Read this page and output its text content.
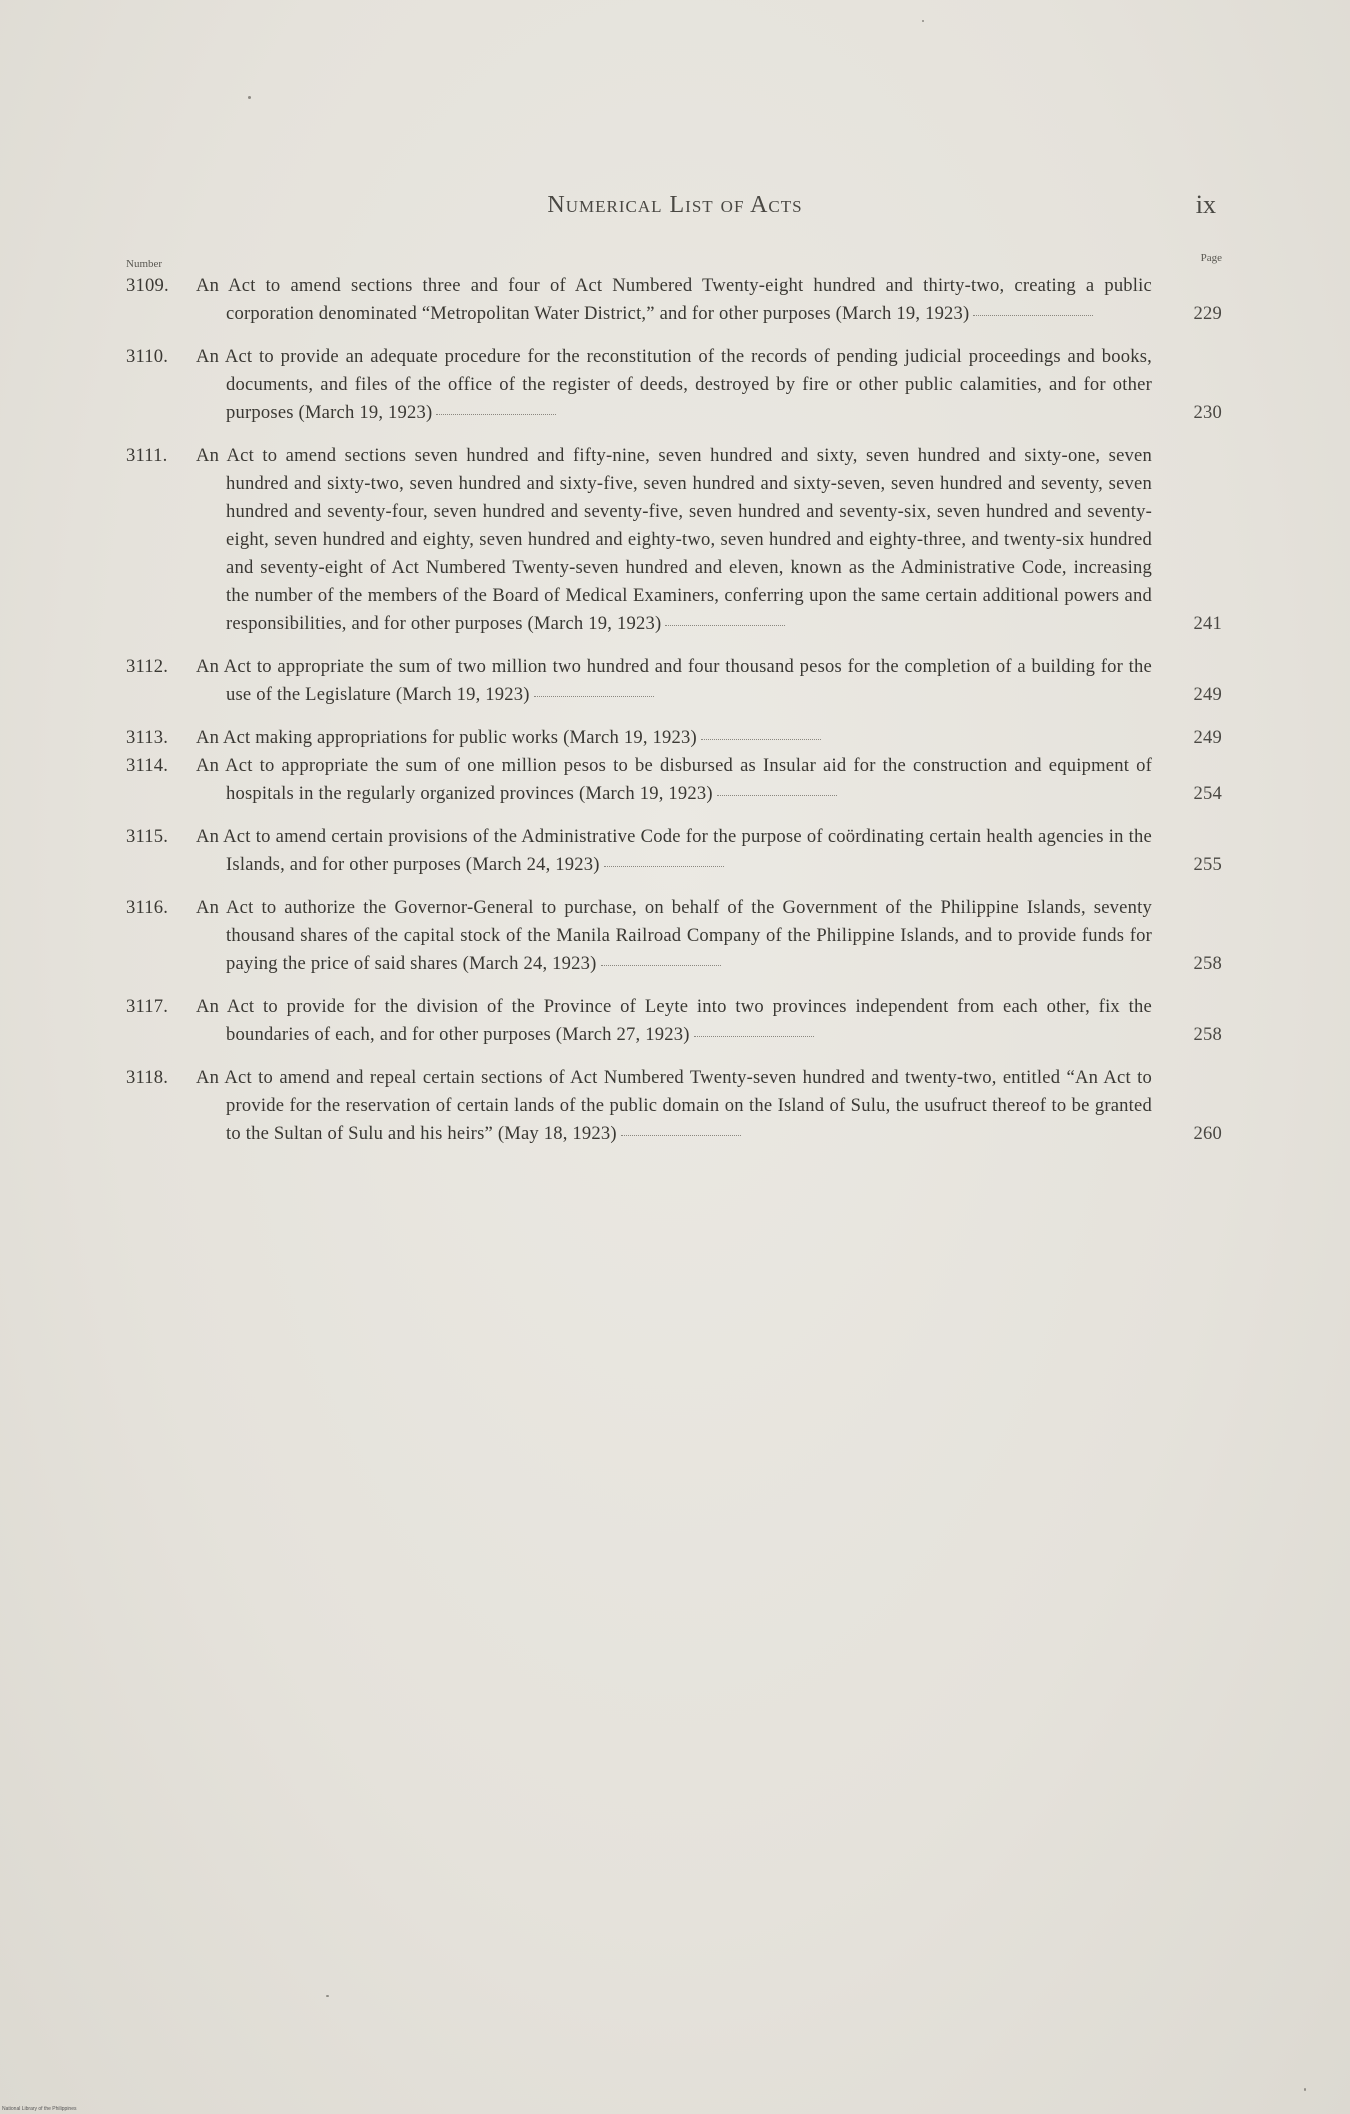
Numerical List of Acts	ix
Number	Page
3109. An Act to amend sections three and four of Act Numbered Twenty-eight hundred and thirty-two, creating a public corporation denominated “Metropolitan Water District,” and for other purposes (March 19, 1923)	229
3110. An Act to provide an adequate procedure for the reconstitution of the records of pending judicial proceedings and books, documents, and files of the office of the register of deeds, destroyed by fire or other public calamities, and for other purposes (March 19, 1923)	230
3111. An Act to amend sections seven hundred and fifty-nine, seven hundred and sixty, seven hundred and sixty-one, seven hundred and sixty-two, seven hundred and sixty-five, seven hundred and sixty-seven, seven hundred and seventy, seven hundred and seventy-four, seven hundred and seventy-five, seven hundred and seventy-six, seven hundred and seventy-eight, seven hundred and eighty, seven hundred and eighty-two, seven hundred and eighty-three, and twenty-six hundred and seventy-eight of Act Numbered Twenty-seven hundred and eleven, known as the Administrative Code, increasing the number of the members of the Board of Medical Examiners, conferring upon the same certain additional powers and responsibilities, and for other purposes (March 19, 1923)	241
3112. An Act to appropriate the sum of two million two hundred and four thousand pesos for the completion of a building for the use of the Legislature (March 19, 1923)	249
3113. An Act making appropriations for public works (March 19, 1923)	249
3114. An Act to appropriate the sum of one million pesos to be disbursed as Insular aid for the construction and equipment of hospitals in the regularly organized provinces (March 19, 1923)	254
3115. An Act to amend certain provisions of the Administrative Code for the purpose of coördinating certain health agencies in the Islands, and for other purposes (March 24, 1923)	255
3116. An Act to authorize the Governor-General to purchase, on behalf of the Government of the Philippine Islands, seventy thousand shares of the capital stock of the Manila Railroad Company of the Philippine Islands, and to provide funds for paying the price of said shares (March 24, 1923)	258
3117. An Act to provide for the division of the Province of Leyte into two provinces independent from each other, fix the boundaries of each, and for other purposes (March 27, 1923)	258
3118. An Act to amend and repeal certain sections of Act Numbered Twenty-seven hundred and twenty-two, entitled “An Act to provide for the reservation of certain lands of the public domain on the Island of Sulu, the usufruct thereof to be granted to the Sultan of Sulu and his heirs” (May 18, 1923)	260
National Library of the Philippines
